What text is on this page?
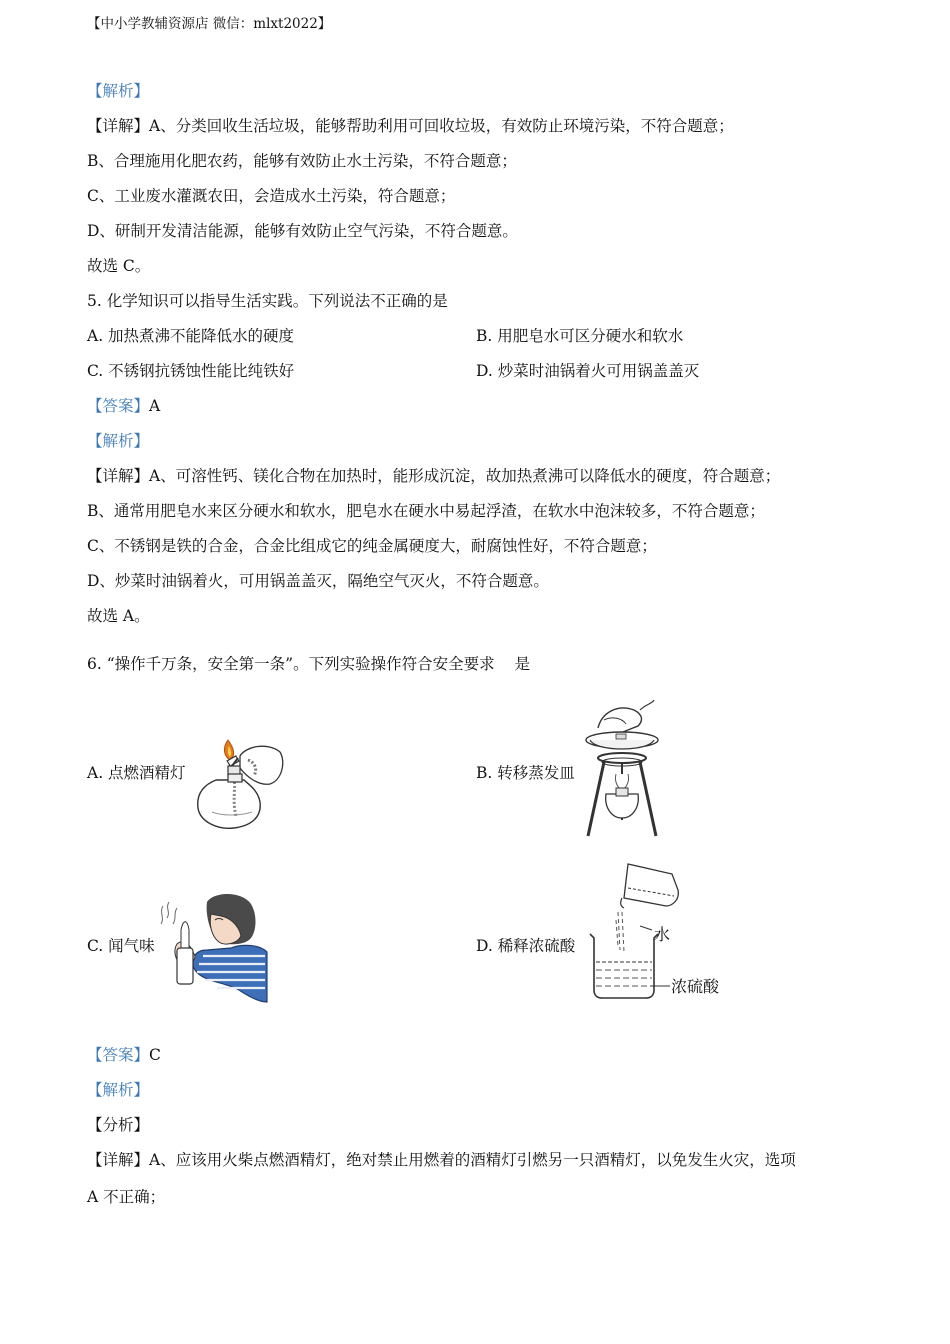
【中小学教辅资源店 微信：mlxt2022】
【解析】
【详解】A、分类回收生活垃圾，能够帮助利用可回收垃圾，有效防止环境污染，不符合题意；
B、合理施用化肥农药，能够有效防止水土污染，不符合题意；
C、工业废水灌溉农田，会造成水土污染，符合题意；
D、研制开发清洁能源，能够有效防止空气污染，不符合题意。
故选 C。
5. 化学知识可以指导生活实践。下列说法不正确的是
A. 加热煮沸不能降低水的硬度	B. 用肥皂水可区分硬水和软水
C. 不锈钢抗锈蚀性能比纯铁好	D. 炒菜时油锅着火可用锅盖盖灭
【答案】A
【解析】
【详解】A、可溶性钙、镁化合物在加热时，能形成沉淀，故加热煮沸可以降低水的硬度，符合题意；
B、通常用肥皂水来区分硬水和软水，肥皂水在硬水中易起浮渣，在软水中泡沫较多，不符合题意；
C、不锈钢是铁的合金，合金比组成它的纯金属硬度大，耐腐蚀性好，不符合题意；
D、炒菜时油锅着火，可用锅盖盖灭，隔绝空气灭火，不符合题意。
故选 A。
6. “操作千万条，安全第一条”。下列实验操作符合安全要求 是
A. 点燃酒精灯	B. 转移蒸发皿
C. 闻气味	D. 稀释浓硫酸
水
浓硫酸
【答案】C
【解析】
【分析】
【详解】A、应该用火柴点燃酒精灯，绝对禁止用燃着的酒精灯引燃另一只酒精灯，以免发生火灾，选项
A 不正确；
